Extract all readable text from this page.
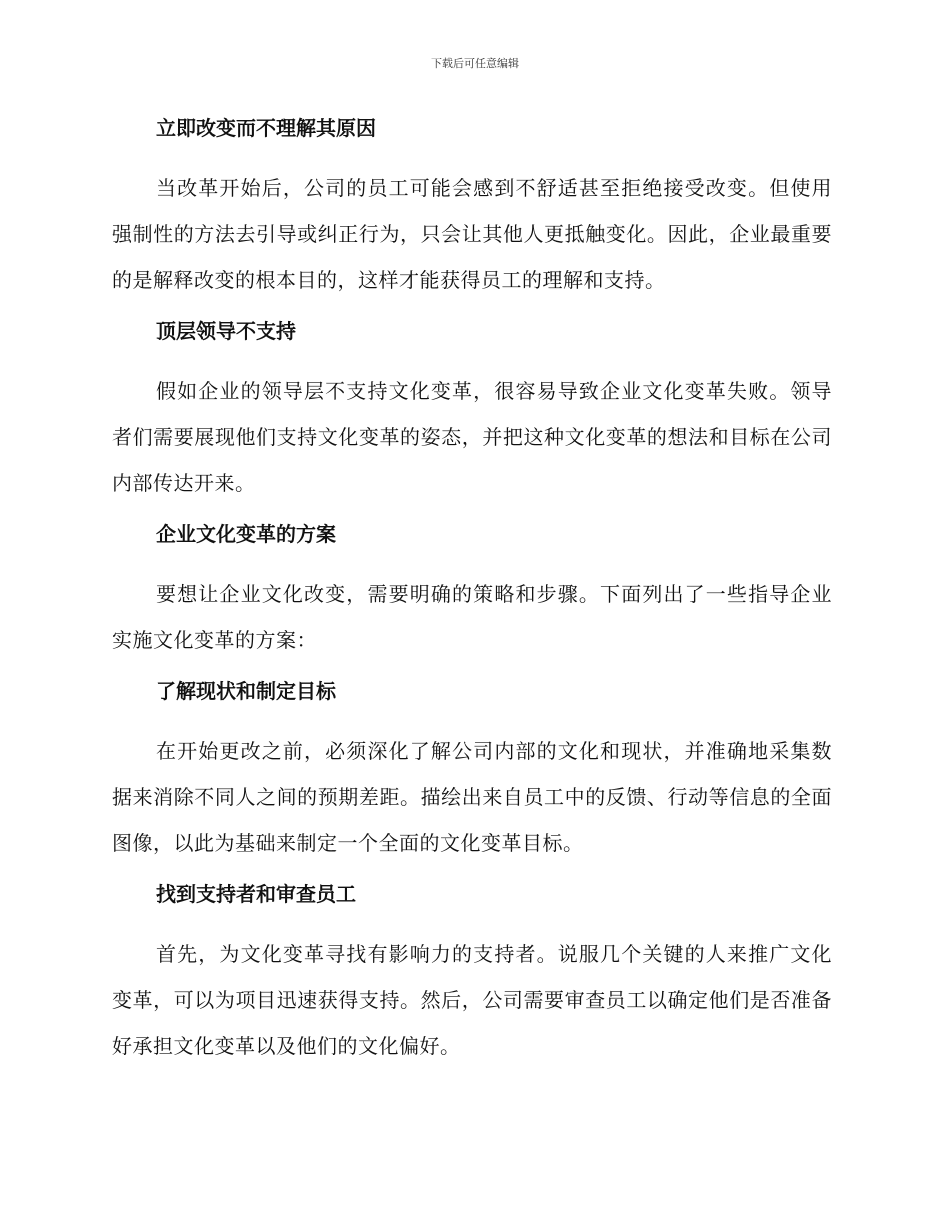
下载后可任意编辑
立即改变而不理解其原因

当改革开始后，公司的员工可能会感到不舒适甚至拒绝接受改变。但使用强制性的方法去引导或纠正行为，只会让其他人更抵触变化。因此，企业最重要的是解释改变的根本目的，这样才能获得员工的理解和支持。

顶层领导不支持

假如企业的领导层不支持文化变革，很容易导致企业文化变革失败。领导者们需要展现他们支持文化变革的姿态，并把这种文化变革的想法和目标在公司内部传达开来。

企业文化变革的方案

要想让企业文化改变，需要明确的策略和步骤。下面列出了一些指导企业实施文化变革的方案：

了解现状和制定目标

在开始更改之前，必须深化了解公司内部的文化和现状，并准确地采集数据来消除不同人之间的预期差距。描绘出来自员工中的反馈、行动等信息的全面图像，以此为基础来制定一个全面的文化变革目标。

找到支持者和审查员工

首先，为文化变革寻找有影响力的支持者。说服几个关键的人来推广文化变革，可以为项目迅速获得支持。然后，公司需要审查员工以确定他们是否准备好承担文化变革以及他们的文化偏好。
